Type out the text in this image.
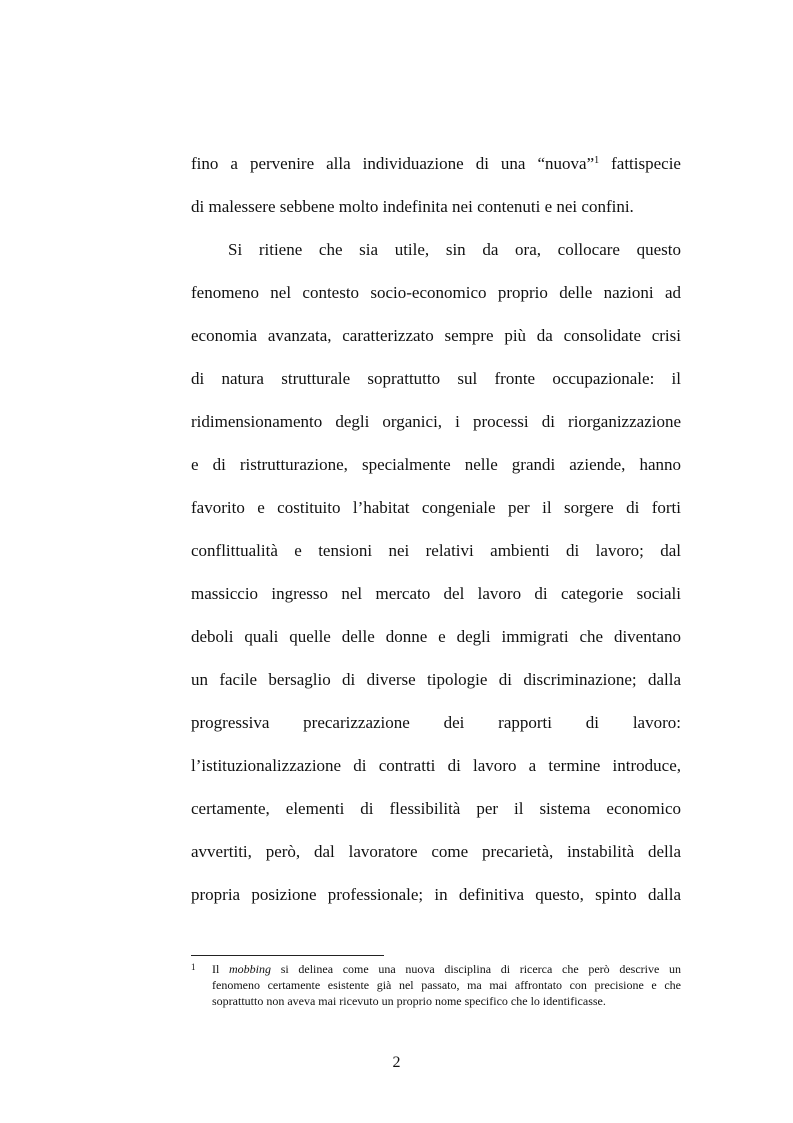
fino a pervenire alla individuazione di una “nuova”$^1$ fattispecie
di malessere sebbene molto indefinita nei contenuti e nei confini.
Si ritiene che sia utile, sin da ora, collocare questo
fenomeno nel contesto socio-economico proprio delle nazioni ad
economia avanzata, caratterizzato sempre più da consolidate crisi
di natura strutturale soprattutto sul fronte occupazionale: il
ridimensionamento degli organici, i processi di riorganizzazione
e di ristrutturazione, specialmente nelle grandi aziende, hanno
favorito e costituito l’habitat congeniale per il sorgere di forti
conflittualità e tensioni nei relativi ambienti di lavoro; dal
massiccio ingresso nel mercato del lavoro di categorie sociali
deboli quali quelle delle donne e degli immigrati che diventano
un facile bersaglio di diverse tipologie di discriminazione; dalla
progressiva precarizzazione dei rapporti di lavoro:
l’istituzionalizzazione di contratti di lavoro a termine introduce,
certamente, elementi di flessibilità per il sistema economico
avvertiti, però, dal lavoratore come precarietà, instabilità della
propria posizione professionale; in definitiva questo, spinto dalla
1 Il mobbing si delinea come una nuova disciplina di ricerca che però descrive un
fenomeno certamente esistente già nel passato, ma mai affrontato con precisione e che
soprattutto non aveva mai ricevuto un proprio nome specifico che lo identificasse.
2
